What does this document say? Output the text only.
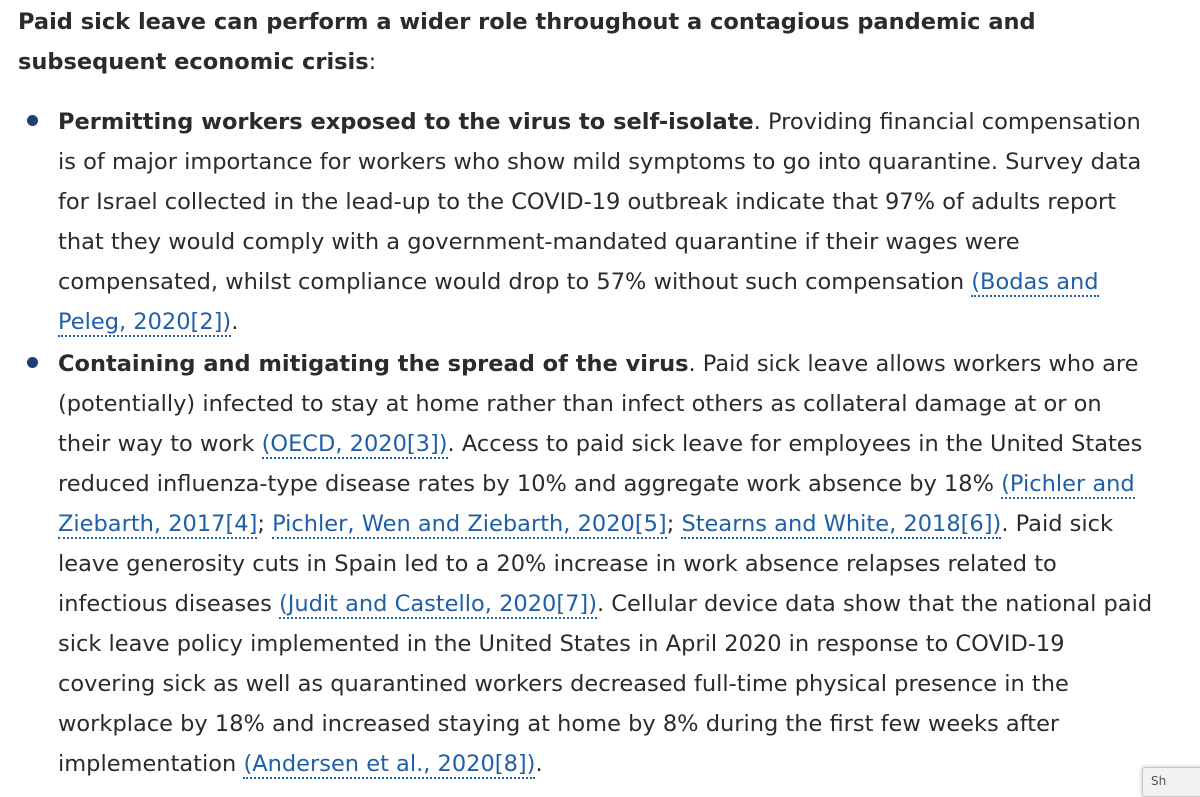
Paid sick leave can perform a wider role throughout a contagious pandemic and subsequent economic crisis:

Permitting workers exposed to the virus to self-isolate. Providing financial compensation is of major importance for workers who show mild symptoms to go into quarantine. Survey data for Israel collected in the lead-up to the COVID-19 outbreak indicate that 97% of adults report that they would comply with a government-mandated quarantine if their wages were compensated, whilst compliance would drop to 57% without such compensation (Bodas and Peleg, 2020[2]).
Containing and mitigating the spread of the virus. Paid sick leave allows workers who are (potentially) infected to stay at home rather than infect others as collateral damage at or on their way to work (OECD, 2020[3]). Access to paid sick leave for employees in the United States reduced influenza-type disease rates by 10% and aggregate work absence by 18% (Pichler and Ziebarth, 2017[4]; Pichler, Wen and Ziebarth, 2020[5]; Stearns and White, 2018[6]). Paid sick leave generosity cuts in Spain led to a 20% increase in work absence relapses related to infectious diseases (Judit and Castello, 2020[7]). Cellular device data show that the national paid sick leave policy implemented in the United States in April 2020 in response to COVID-19 covering sick as well as quarantined workers decreased full-time physical presence in the workplace by 18% and increased staying at home by 8% during the first few weeks after implementation (Andersen et al., 2020[8]).
Sh
